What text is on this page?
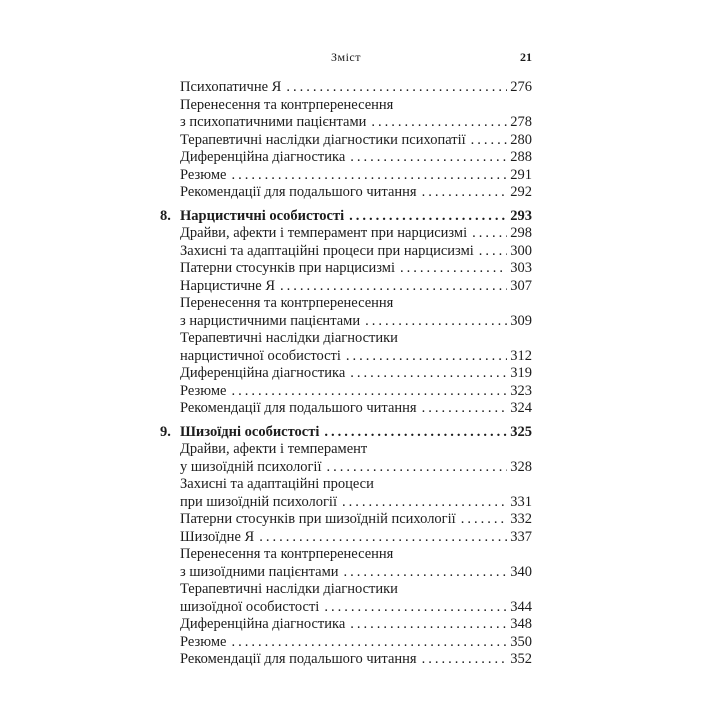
Зміст	21
Психопатичне Я .....	276
Перенесення та контрперенесення
з психопатичними пацієнтами .....	278
Терапевтичні наслідки діагностики психопатії .....	280
Диференційна діагностика .....	288
Резюме .....	291
Рекомендації для подальшого читання .....	292
8. Нарцистичні особистості .....	293
Драйви, афекти і темперамент при нарцисизмі .....	298
Захисні та адаптаційні процеси при нарцисизмі .....	300
Патерни стосунків при нарцисизмі .....	303
Нарцистичне Я .....	307
Перенесення та контрперенесення
з нарцистичними пацієнтами .....	309
Терапевтичні наслідки діагностики
нарцистичної особистості .....	312
Диференційна діагностика .....	319
Резюме .....	323
Рекомендації для подальшого читання .....	324
9. Шизоїдні особистості .....	325
Драйви, афекти і темперамент
у шизоїдній психології .....	328
Захисні та адаптаційні процеси
при шизоїдній психології .....	331
Патерни стосунків при шизоїдній психології .....	332
Шизоїдне Я .....	337
Перенесення та контрперенесення
з шизоїдними пацієнтами .....	340
Терапевтичні наслідки діагностики
шизоїдної особистості .....	344
Диференційна діагностика .....	348
Резюме .....	350
Рекомендації для подальшого читання .....	352
